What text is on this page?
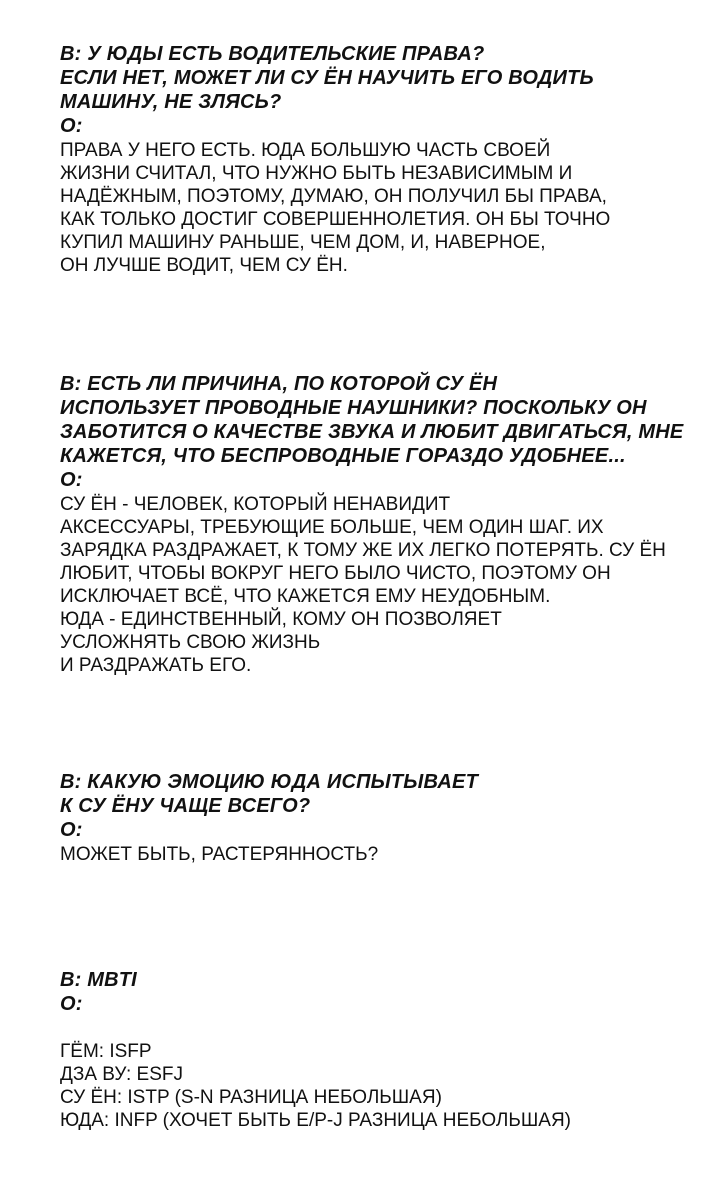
В: У ЮДЫ ЕСТЬ ВОДИТЕЛЬСКИЕ ПРАВА?
ЕСЛИ НЕТ, МОЖЕТ ЛИ СУ ЁН НАУЧИТЬ ЕГО ВОДИТЬ
МАШИНУ, НЕ ЗЛЯСЬ?

О:

ПРАВА У НЕГО ЕСТЬ. ЮДА БОЛЬШУЮ ЧАСТЬ СВОЕЙ
ЖИЗНИ СЧИТАЛ, ЧТО НУЖНО БЫТЬ НЕЗАВИСИМЫМ И
НАДЁЖНЫМ, ПОЭТОМУ, ДУМАЮ, ОН ПОЛУЧИЛ БЫ ПРАВА,
КАК ТОЛЬКО ДОСТИГ СОВЕРШЕННОЛЕТИЯ. ОН БЫ ТОЧНО
КУПИЛ МАШИНУ РАНЬШЕ, ЧЕМ ДОМ, И, НАВЕРНОЕ,
ОН ЛУЧШЕ ВОДИТ, ЧЕМ СУ ЁН.

В: ЕСТЬ ЛИ ПРИЧИНА, ПО КОТОРОЙ СУ ЁН
ИСПОЛЬЗУЕТ ПРОВОДНЫЕ НАУШНИКИ? ПОСКОЛЬКУ ОН
ЗАБОТИТСЯ О КАЧЕСТВЕ ЗВУКА И ЛЮБИТ ДВИГАТЬСЯ, МНЕ
КАЖЕТСЯ, ЧТО БЕСПРОВОДНЫЕ ГОРАЗДО УДОБНЕЕ...

О:

СУ ЁН - ЧЕЛОВЕК, КОТОРЫЙ НЕНАВИДИТ
АКСЕССУАРЫ, ТРЕБУЮЩИЕ БОЛЬШЕ, ЧЕМ ОДИН ШАГ. ИХ
ЗАРЯДКА РАЗДРАЖАЕТ, К ТОМУ ЖЕ ИХ ЛЕГКО ПОТЕРЯТЬ. СУ ЁН
ЛЮБИТ, ЧТОБЫ ВОКРУГ НЕГО БЫЛО ЧИСТО, ПОЭТОМУ ОН
ИСКЛЮЧАЕТ ВСЁ, ЧТО КАЖЕТСЯ ЕМУ НЕУДОБНЫМ.
ЮДА - ЕДИНСТВЕННЫЙ, КОМУ ОН ПОЗВОЛЯЕТ
УСЛОЖНЯТЬ СВОЮ ЖИЗНЬ
И РАЗДРАЖАТЬ ЕГО.

В: КАКУЮ ЭМОЦИЮ ЮДА ИСПЫТЫВАЕТ
К СУ ЁНУ ЧАЩЕ ВСЕГО?

О:

МОЖЕТ БЫТЬ, РАСТЕРЯННОСТЬ?

В: MBTI

О:

ГЁМ: ISFP
ДЗА ВУ: ESFJ
СУ ЁН: ISTP (S-N РАЗНИЦА НЕБОЛЬШАЯ)
ЮДА: INFP (ХОЧЕТ БЫТЬ E/P-J РАЗНИЦА НЕБОЛЬШАЯ)
